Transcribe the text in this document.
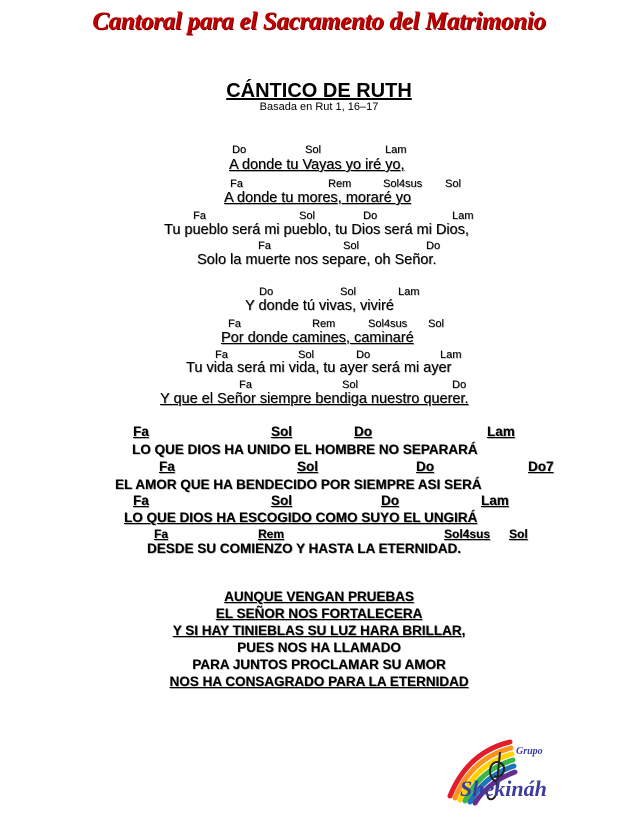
Cantoral para el Sacramento del Matrimonio
CÁNTICO DE RUTH
Basada en Rut 1, 16–17
Do	Sol	Lam
A donde tu Vayas yo iré yo,
Fa	Rem	Sol4sus Sol
A donde tu mores, moraré yo
Fa	Sol	Do	Lam
Tu pueblo será mi pueblo, tu Dios será mi Dios,
Fa	Sol	Do
Solo la muerte nos separe, oh Señor.
Do	Sol	Lam
Y donde tú vivas, viviré
Fa	Rem	Sol4sus Sol
Por donde camines, caminaré
Fa	Sol	Do	Lam
Tu vida será mi vida, tu ayer será mi ayer
Fa	Sol	Do
Y que el Señor siempre bendiga nuestro querer.
Fa	Sol	Do	Lam
LO QUE DIOS HA UNIDO EL HOMBRE NO SEPARARÁ
Fa	Sol	Do	Do7
EL AMOR QUE HA BENDECIDO POR SIEMPRE ASI SERÁ
Fa	Sol	Do	Lam
LO QUE DIOS HA ESCOGIDO COMO SUYO EL UNGIRÁ
Fa	Rem	Sol4sus Sol
DESDE SU COMIENZO Y HASTA LA ETERNIDAD.
AUNQUE VENGAN PRUEBAS
EL SEÑOR NOS FORTALECERA
Y SI HAY TINIEBLAS SU LUZ HARA BRILLAR,
PUES NOS HA LLAMADO
PARA JUNTOS PROCLAMAR SU AMOR
NOS HA CONSAGRADO PARA LA ETERNIDAD
Grupo
Shekináh
